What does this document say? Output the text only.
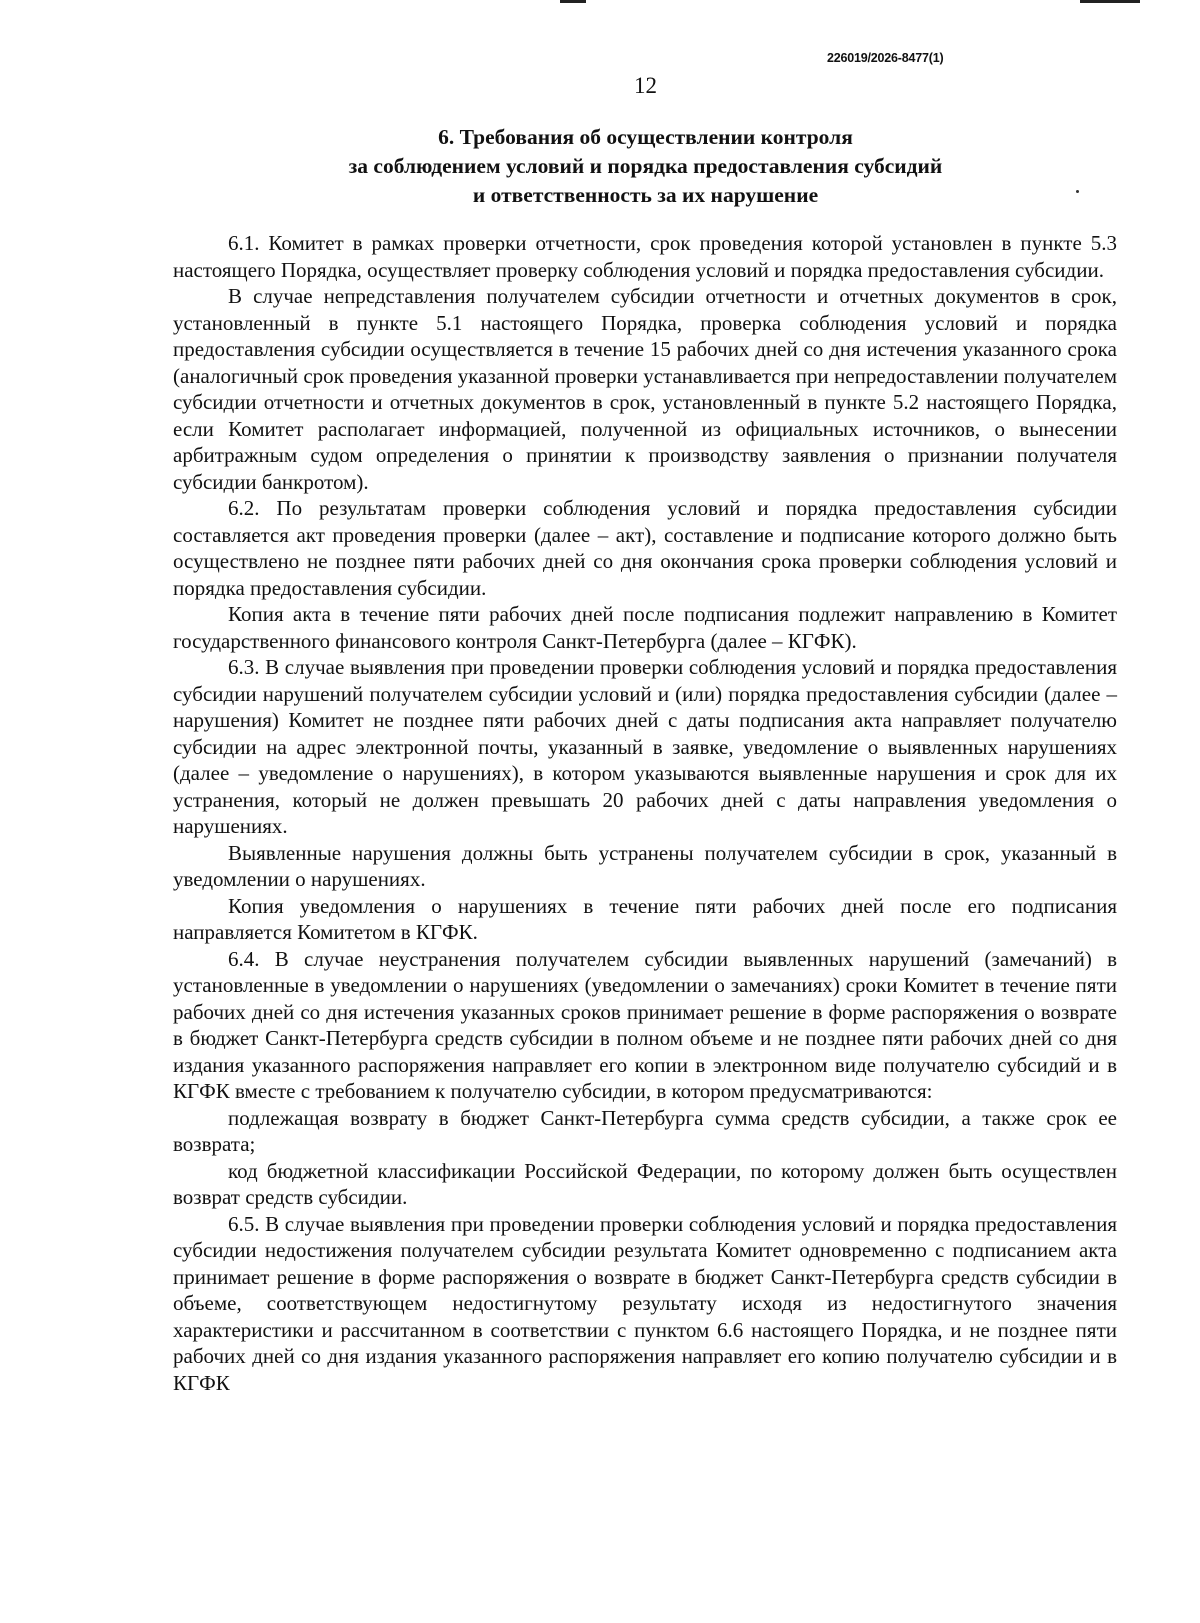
226019/2026-8477(1)
12
6. Требования об осуществлении контроля
за соблюдением условий и порядка предоставления субсидий
и ответственность за их нарушение

6.1. Комитет в рамках проверки отчетности, срок проведения которой установлен в пункте 5.3 настоящего Порядка, осуществляет проверку соблюдения условий и порядка предоставления субсидии.

В случае непредставления получателем субсидии отчетности и отчетных документов в срок, установленный в пункте 5.1 настоящего Порядка, проверка соблюдения условий и порядка предоставления субсидии осуществляется в течение 15 рабочих дней со дня истечения указанного срока (аналогичный срок проведения указанной проверки устанавливается при непредоставлении получателем субсидии отчетности и отчетных документов в срок, установленный в пункте 5.2 настоящего Порядка, если Комитет располагает информацией, полученной из официальных источников, о вынесении арбитражным судом определения о принятии к производству заявления о признании получателя субсидии банкротом).

6.2. По результатам проверки соблюдения условий и порядка предоставления субсидии составляется акт проведения проверки (далее – акт), составление и подписание которого должно быть осуществлено не позднее пяти рабочих дней со дня окончания срока проверки соблюдения условий и порядка предоставления субсидии.

Копия акта в течение пяти рабочих дней после подписания подлежит направлению в Комитет государственного финансового контроля Санкт-Петербурга (далее – КГФК).

6.3. В случае выявления при проведении проверки соблюдения условий и порядка предоставления субсидии нарушений получателем субсидии условий и (или) порядка предоставления субсидии (далее – нарушения) Комитет не позднее пяти рабочих дней с даты подписания акта направляет получателю субсидии на адрес электронной почты, указанный в заявке, уведомление о выявленных нарушениях (далее – уведомление о нарушениях), в котором указываются выявленные нарушения и срок для их устранения, который не должен превышать 20 рабочих дней с даты направления уведомления о нарушениях.

Выявленные нарушения должны быть устранены получателем субсидии в срок, указанный в уведомлении о нарушениях.

Копия уведомления о нарушениях в течение пяти рабочих дней после его подписания направляется Комитетом в КГФК.

6.4. В случае неустранения получателем субсидии выявленных нарушений (замечаний) в установленные в уведомлении о нарушениях (уведомлении о замечаниях) сроки Комитет в течение пяти рабочих дней со дня истечения указанных сроков принимает решение в форме распоряжения о возврате в бюджет Санкт-Петербурга средств субсидии в полном объеме и не позднее пяти рабочих дней со дня издания указанного распоряжения направляет его копии в электронном виде получателю субсидий и в КГФК вместе с требованием к получателю субсидии, в котором предусматриваются:

подлежащая возврату в бюджет Санкт-Петербурга сумма средств субсидии, а также срок ее возврата;

код бюджетной классификации Российской Федерации, по которому должен быть осуществлен возврат средств субсидии.

6.5. В случае выявления при проведении проверки соблюдения условий и порядка предоставления субсидии недостижения получателем субсидии результата Комитет одновременно с подписанием акта принимает решение в форме распоряжения о возврате в бюджет Санкт-Петербурга средств субсидии в объеме, соответствующем недостигнутому результату исходя из недостигнутого значения характеристики и рассчитанном в соответствии с пунктом 6.6 настоящего Порядка, и не позднее пяти рабочих дней со дня издания указанного распоряжения направляет его копию получателю субсидии и в КГФК
